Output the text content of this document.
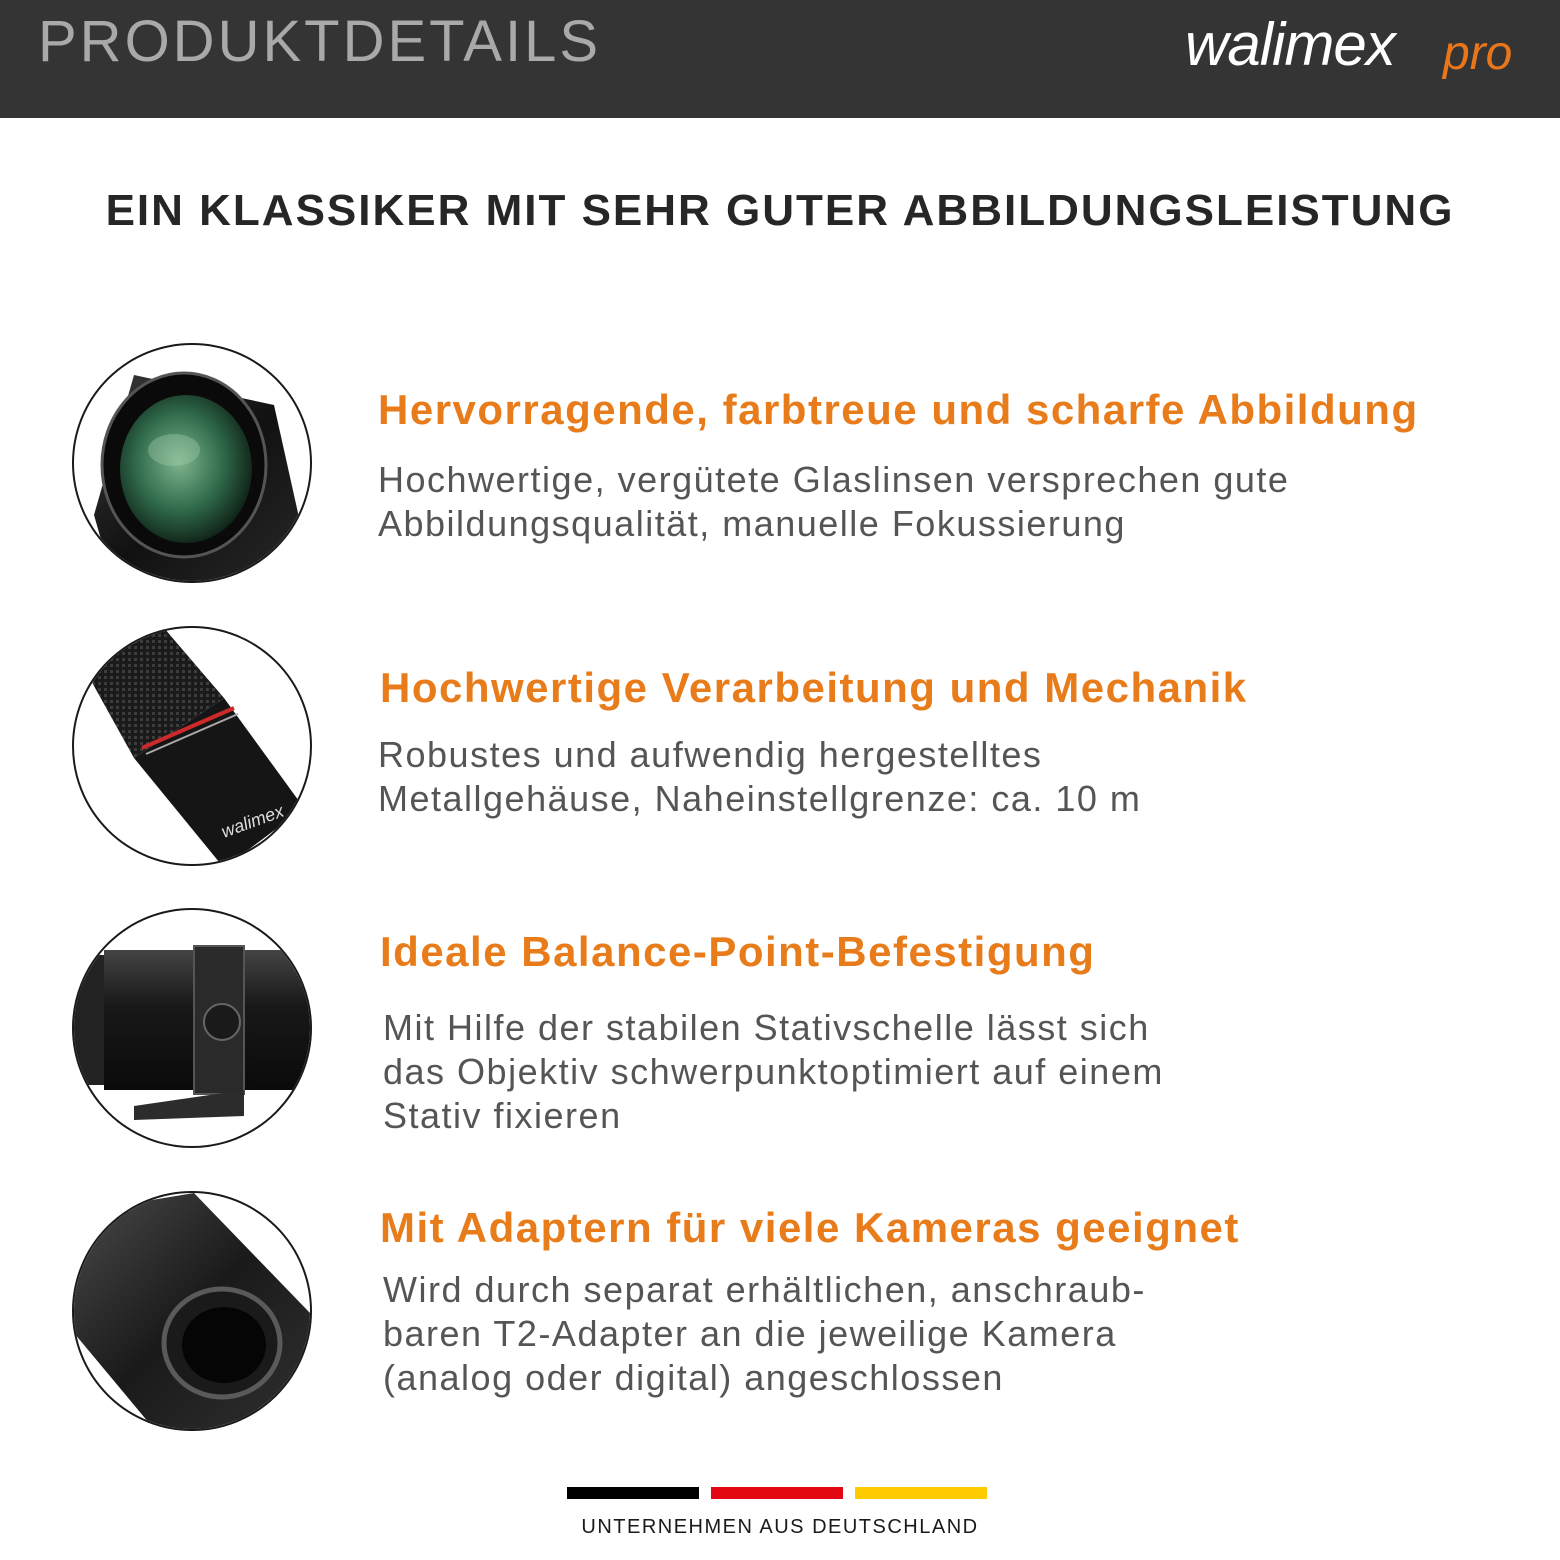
PRODUKTDETAILS	walimex pro
EIN KLASSIKER MIT SEHR GUTER ABBILDUNGSLEISTUNG
Hervorragende, farbtreue und scharfe Abbildung
Hochwertige, vergütete Glaslinsen versprechen gute
Abbildungsqualität, manuelle Fokussierung
walimex
Hochwertige Verarbeitung und Mechanik
Robustes und aufwendig hergestelltes
Metallgehäuse, Naheinstellgrenze: ca. 10 m
Ideale Balance-Point-Befestigung
Mit Hilfe der stabilen Stativschelle lässt sich
das Objektiv schwerpunktoptimiert auf einem
Stativ fixieren
Mit Adaptern für viele Kameras geeignet
Wird durch separat erhältlichen, anschraub-
baren T2-Adapter an die jeweilige Kamera
(analog oder digital) angeschlossen
UNTERNEHMEN AUS DEUTSCHLAND
